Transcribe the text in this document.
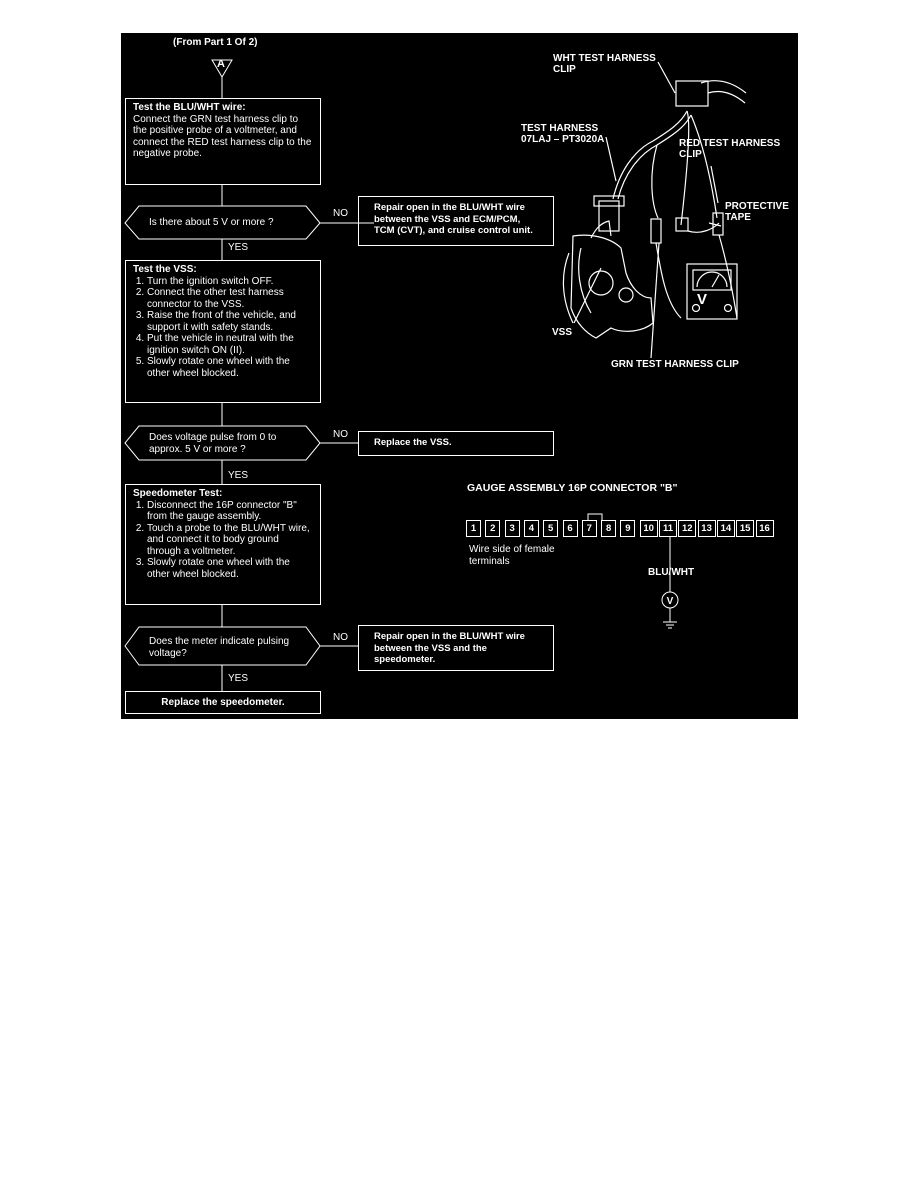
(From Part 1 Of 2)
A
Test the BLU/WHT wire:
Connect the GRN test harness clip to the positive probe of a voltmeter, and connect the RED test harness clip to the negative probe.
Is there about 5 V or more ?
NO
Repair open in the BLU/WHT wire between the VSS and ECM/PCM, TCM (CVT), and cruise control unit.
YES
Test the VSS:
1. Turn the ignition switch OFF.
2. Connect the other test harness connector to the VSS.
3. Raise the front of the vehicle, and support it with safety stands.
4. Put the vehicle in neutral with the ignition switch ON (II).
5. Slowly rotate one wheel with the other wheel blocked.
Does voltage pulse from 0 to approx. 5 V or more ?
NO
Replace the VSS.
YES
Speedometer Test:
1. Disconnect the 16P connector "B" from the gauge assembly.
2. Touch a probe to the BLU/WHT wire, and connect it to body ground through a voltmeter.
3. Slowly rotate one wheel with the other wheel blocked.
Does the meter indicate pulsing voltage?
NO	Repair open in the BLU/WHT wire between the VSS and the speedometer.
YES
Replace the speedometer.
V
WHT TEST HARNESS CLIP
TEST HARNESS 07LAJ – PT3020A	RED TEST HARNESS CLIP
PROTECTIVE TAPE
VSS
GRN TEST HARNESS CLIP
GAUGE ASSEMBLY 16P CONNECTOR "B"
V
1	2	3	4	5	6	7	8	9	10 11 12 13 14 15 16
Wire side of female terminals
BLU/WHT
